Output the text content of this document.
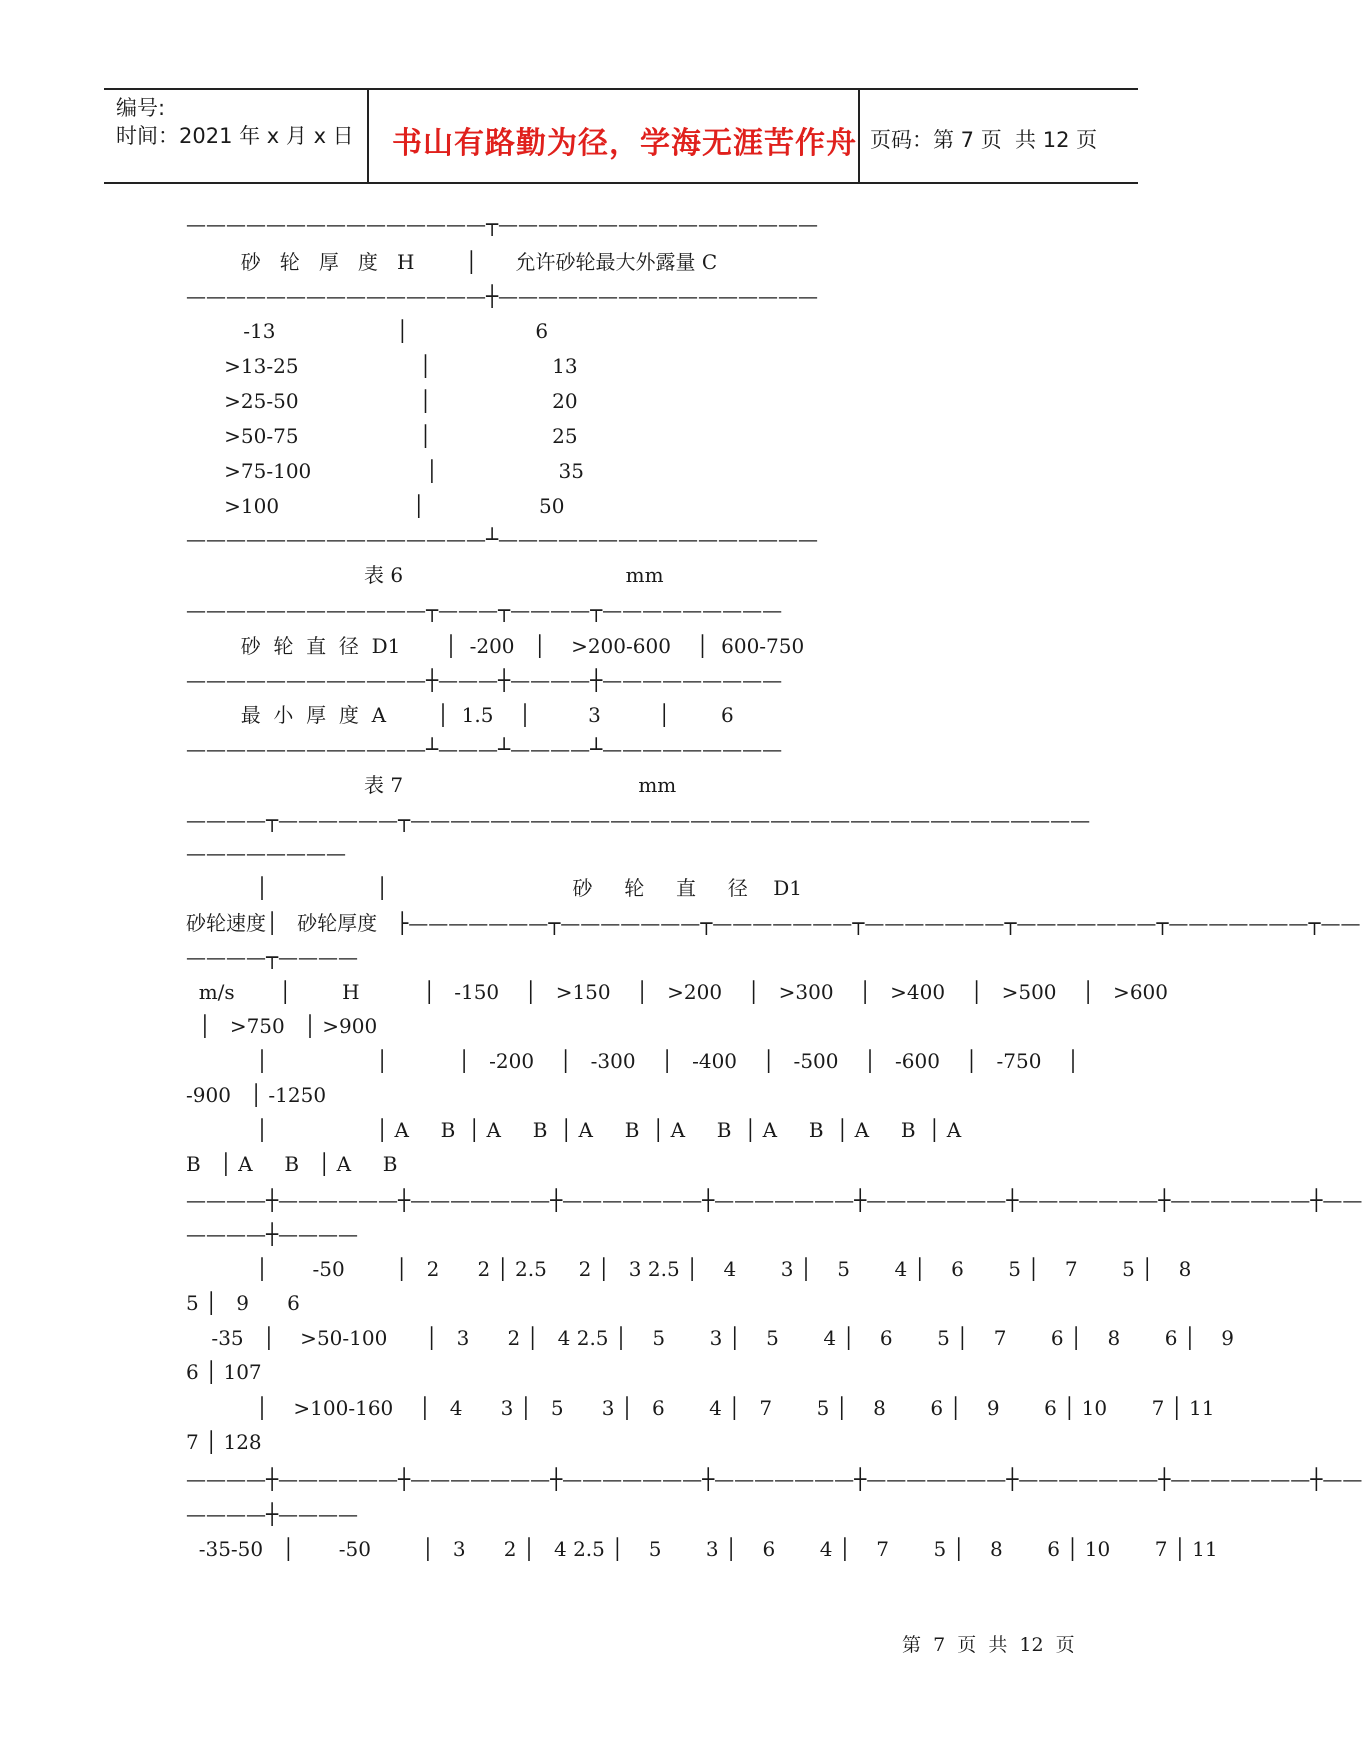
编号:
时间：2021 年 x 月 x 日 书山有路勤为径，学海无涯苦作舟 页码：第 7 页  共 12 页
———————————————┬————————————————
砂   轮   厚   度   H        │      允许砂轮最大外露量 C
———————————————┼————————————————
-13                   │                    6
>13-25                   │                   13
>25-50                   │                   20
>50-75                   │                   25
>75-100                  │                   35
>100                     │                  50
———————————————┴————————————————
表 6                                   mm
————————————┬———┬————┬—————————
砂  轮  直  径  D1       │  -200   │    >200-600    │  600-750
————————————┼———┼————┼—————————
最  小  厚  度  A        │  1.5    │         3         │        6
————————————┴———┴————┴—————————
表 7                                     mm
————┬——————┬——————————————————————————————————
————————
│                 │                             砂     轮     直     径    D1
砂轮速度│   砂轮厚度   ├———————┬———————┬———————┬———————┬———————┬———————┬——
————┬————
m/s       │        H          │   -150    │   >150    │   >200    │   >300    │   >400    │   >500    │   >600
│   >750   │ >900
│                 │           │   -200    │   -300    │   -400    │   -500    │   -600    │   -750    │
-900   │ -1250
│                 │ A     B  │ A     B  │ A     B  │ A     B  │ A     B  │ A     B  │ A
B   │ A     B   │ A     B
————┼——————┼———————┼———————┼———————┼———————┼———————┼———————┼——
————┼————
│       -50        │   2      2 │ 2.5     2 │   3 2.5 │    4       3 │    5       4 │    6       5 │    7       5 │    8
5 │   9      6
-35   │    >50-100      │   3      2 │   4 2.5 │    5       3 │    5       4 │    6       5 │    7       6 │    8       6 │    9
6 │ 107
│    >100-160    │   4      3 │   5      3 │   6       4 │   7       5 │    8       6 │    9       6 │ 10       7 │ 11
7 │ 128
————┼——————┼———————┼———————┼———————┼———————┼———————┼———————┼——
————┼————
-35-50   │       -50        │   3      2 │   4 2.5 │    5       3 │    6       4 │    7       5 │    8       6 │ 10       7 │ 11
第  7  页  共  12  页
